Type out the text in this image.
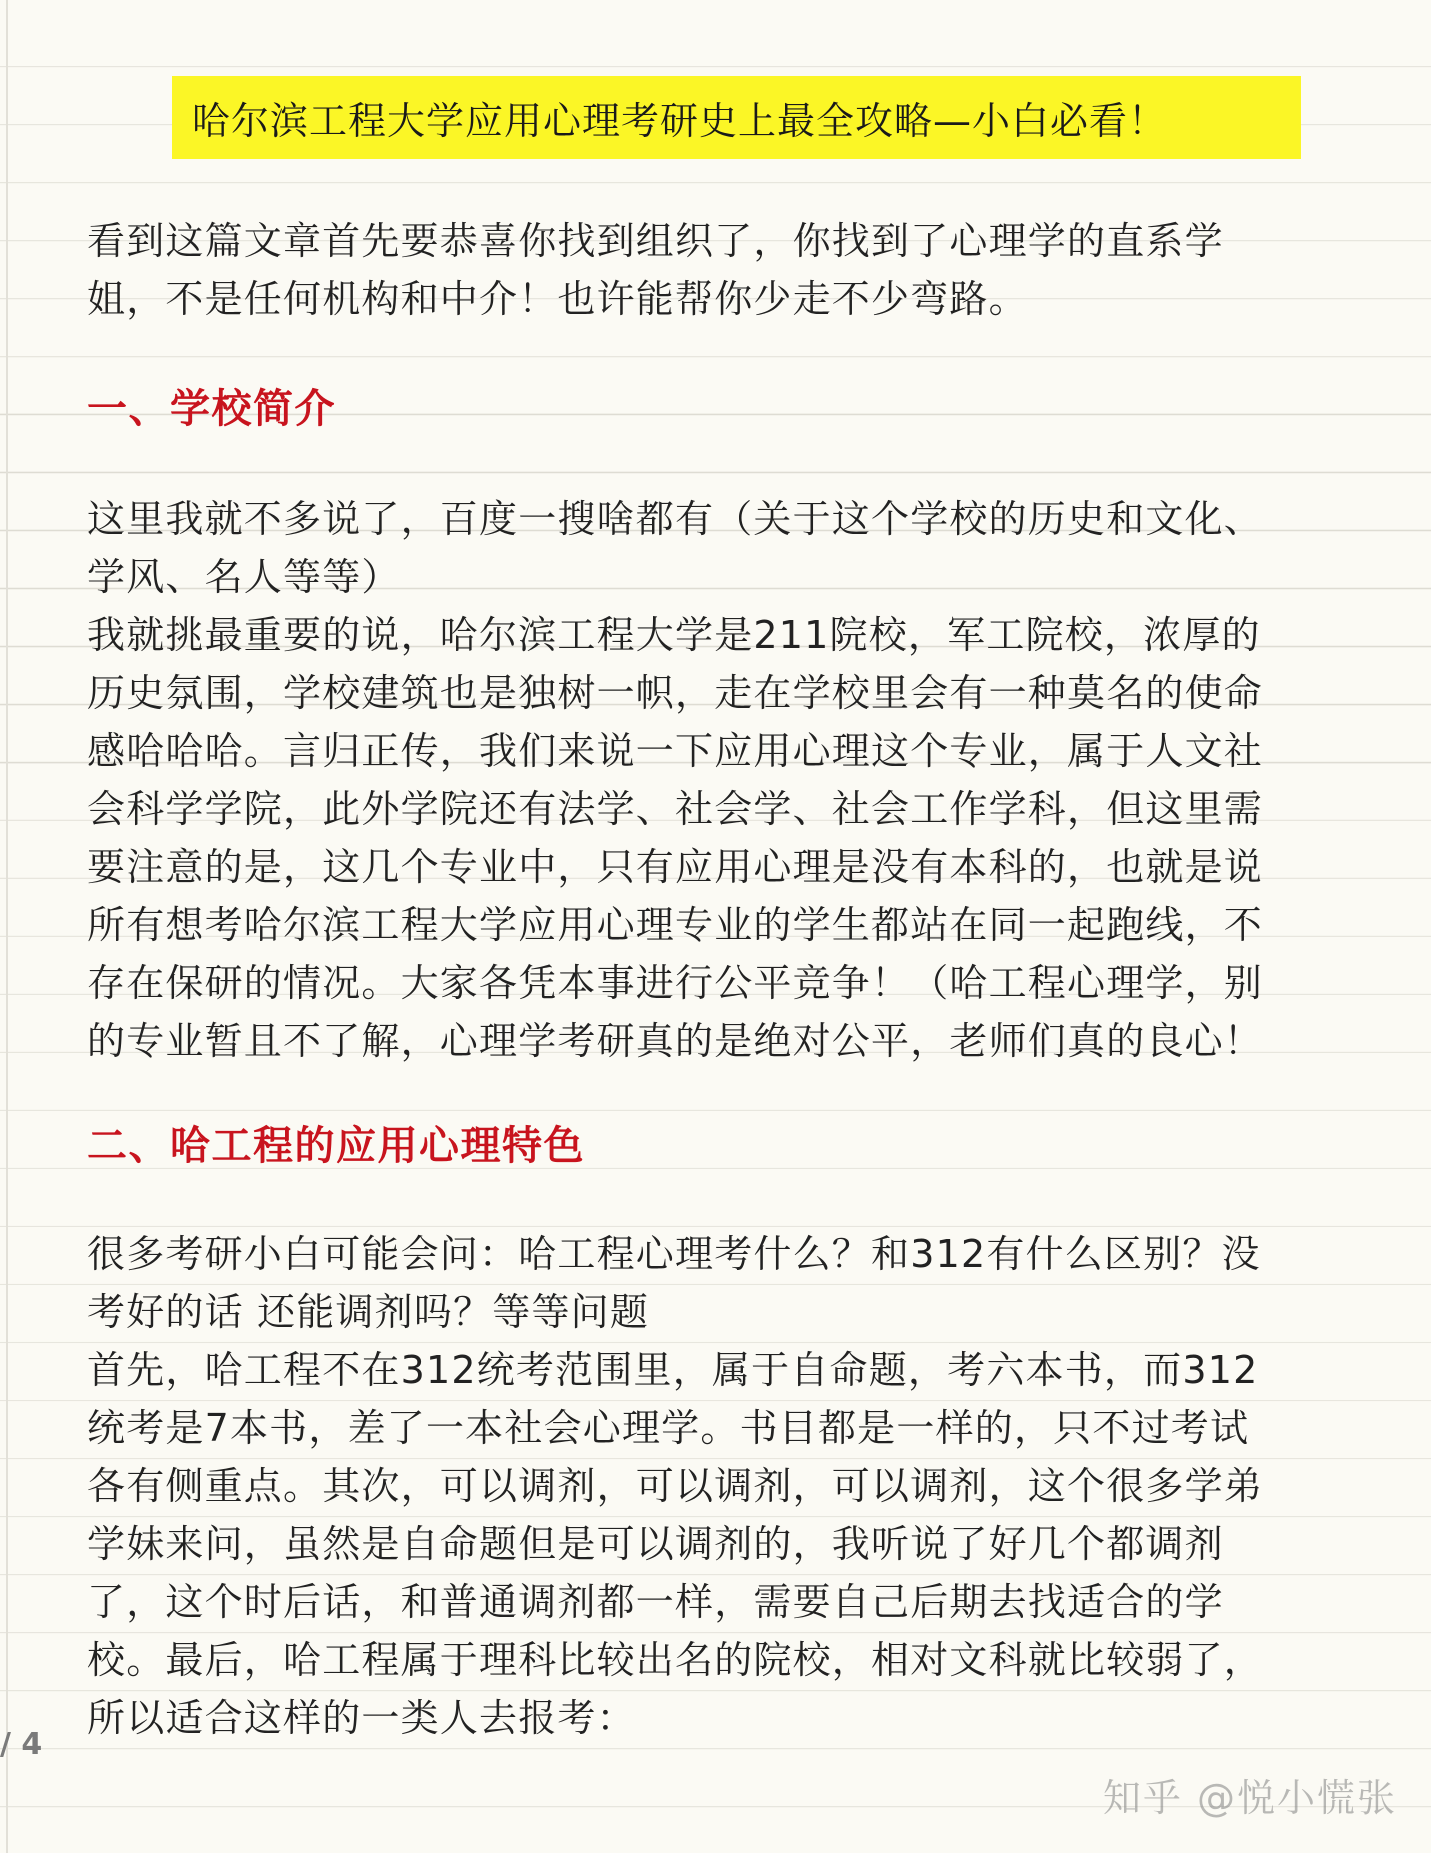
哈尔滨工程大学应用心理考研史上最全攻略—小白必看！

看到这篇文章首先要恭喜你找到组织了，你找到了心理学的直系学
姐，不是任何机构和中介！也许能帮你少走不少弯路。

一、学校简介

这里我就不多说了，百度一搜啥都有（关于这个学校的历史和文化、
学风、名人等等）
我就挑最重要的说，哈尔滨工程大学是211院校，军工院校，浓厚的
历史氛围，学校建筑也是独树一帜，走在学校里会有一种莫名的使命
感哈哈哈。言归正传，我们来说一下应用心理这个专业，属于人文社
会科学学院，此外学院还有法学、社会学、社会工作学科，但这里需
要注意的是，这几个专业中，只有应用心理是没有本科的，也就是说
所有想考哈尔滨工程大学应用心理专业的学生都站在同一起跑线，不
存在保研的情况。大家各凭本事进行公平竞争！（哈工程心理学，别
的专业暂且不了解，心理学考研真的是绝对公平，老师们真的良心！

二、哈工程的应用心理特色

很多考研小白可能会问：哈工程心理考什么？和312有什么区别？没
考好的话 还能调剂吗？等等问题
首先，哈工程不在312统考范围里，属于自命题，考六本书，而312
统考是7本书，差了一本社会心理学。书目都是一样的，只不过考试
各有侧重点。其次，可以调剂，可以调剂，可以调剂，这个很多学弟
学妹来问，虽然是自命题但是可以调剂的，我听说了好几个都调剂
了，这个时后话，和普通调剂都一样，需要自己后期去找适合的学
校。最后，哈工程属于理科比较出名的院校，相对文科就比较弱了，
所以适合这样的一类人去报考：

/ 4
知乎 @悦小慌张
